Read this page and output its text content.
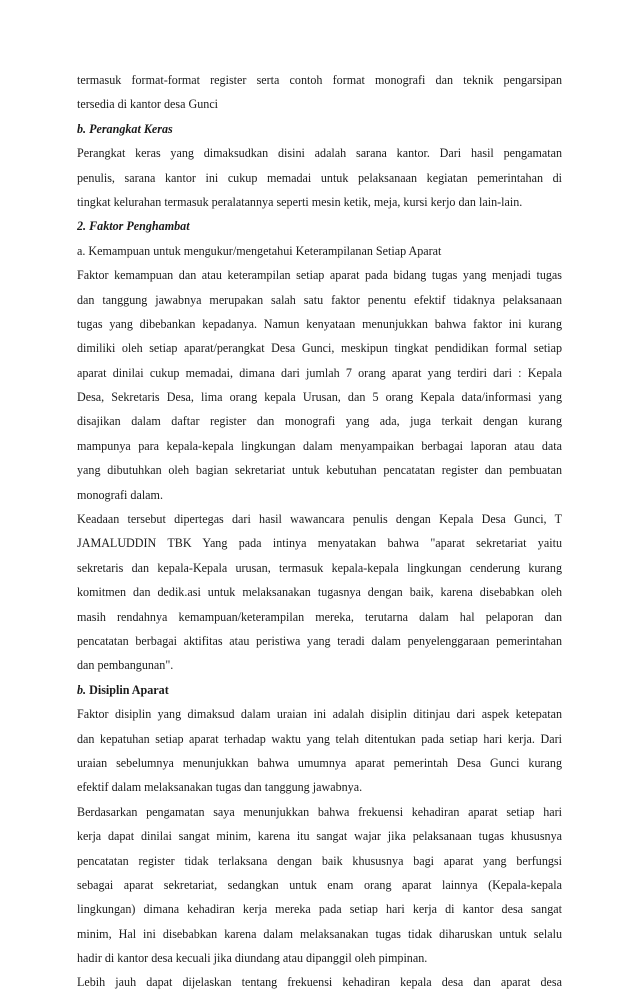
termasuk format-format register serta contoh format monografi dan teknik pengarsipan
tersedia di kantor desa Gunci
b. Perangkat Keras
Perangkat keras yang dimaksudkan disini adalah sarana kantor. Dari hasil pengamatan
penulis, sarana kantor ini cukup memadai untuk pelaksanaan kegiatan pemerintahan di
tingkat kelurahan termasuk peralatannya seperti mesin ketik, meja, kursi kerjo dan lain-lain.
2. Faktor Penghambat
a. Kemampuan untuk mengukur/mengetahui Keterampilanan Setiap Aparat
Faktor kemampuan dan atau keterampilan setiap aparat pada bidang tugas yang menjadi tugas
dan tanggung jawabnya merupakan salah satu faktor penentu efektif tidaknya pelaksanaan
tugas yang dibebankan kepadanya. Namun kenyataan menunjukkan bahwa faktor ini kurang
dimiliki oleh setiap aparat/perangkat Desa Gunci, meskipun tingkat pendidikan formal setiap
aparat dinilai cukup memadai, dimana dari jumlah 7 orang aparat yang terdiri dari : Kepala
Desa, Sekretaris Desa, lima orang kepala Urusan, dan 5 orang Kepala data/informasi yang
disajikan dalam daftar register dan monografi yang ada, juga terkait dengan kurang
mampunya para kepala-kepala lingkungan dalam menyampaikan berbagai laporan atau data
yang dibutuhkan oleh bagian sekretariat untuk kebutuhan pencatatan register dan pembuatan
monografi dalam.
Keadaan tersebut dipertegas dari hasil wawancara penulis dengan Kepala Desa Gunci, T
JAMALUDDIN TBK Yang pada intinya menyatakan bahwa "aparat sekretariat yaitu
sekretaris dan kepala-Kepala urusan, termasuk kepala-kepala lingkungan cenderung kurang
komitmen dan dedik.asi untuk melaksanakan tugasnya dengan baik, karena disebabkan oleh
masih rendahnya kemampuan/keterampilan mereka, terutarna dalam hal pelaporan dan
pencatatan berbagai aktifitas atau peristiwa yang teradi dalam penyelenggaraan pemerintahan
dan pembangunan".
b. Disiplin Aparat
Faktor disiplin yang dimaksud dalam uraian ini adalah disiplin ditinjau dari aspek ketepatan
dan kepatuhan setiap aparat terhadap waktu yang telah ditentukan pada setiap hari kerja. Dari
uraian sebelumnya menunjukkan bahwa umumnya aparat pemerintah Desa Gunci kurang
efektif dalam melaksanakan tugas dan tanggung jawabnya.
Berdasarkan pengamatan saya menunjukkan bahwa frekuensi kehadiran aparat setiap hari
kerja dapat dinilai sangat minim, karena itu sangat wajar jika pelaksanaan tugas khususnya
pencatatan register tidak terlaksana dengan baik khususnya bagi aparat yang berfungsi
sebagai aparat sekretariat, sedangkan untuk enam orang aparat lainnya (Kepala-kepala
lingkungan) dimana kehadiran kerja mereka pada setiap hari kerja di kantor desa sangat
minim, Hal ini disebabkan karena dalam melaksanakan tugas tidak diharuskan untuk selalu
hadir di kantor desa kecuali jika diundang atau dipanggil oleh pimpinan.
Lebih jauh dapat dijelaskan tentang frekuensi kehadiran kepala desa dan aparat desa
